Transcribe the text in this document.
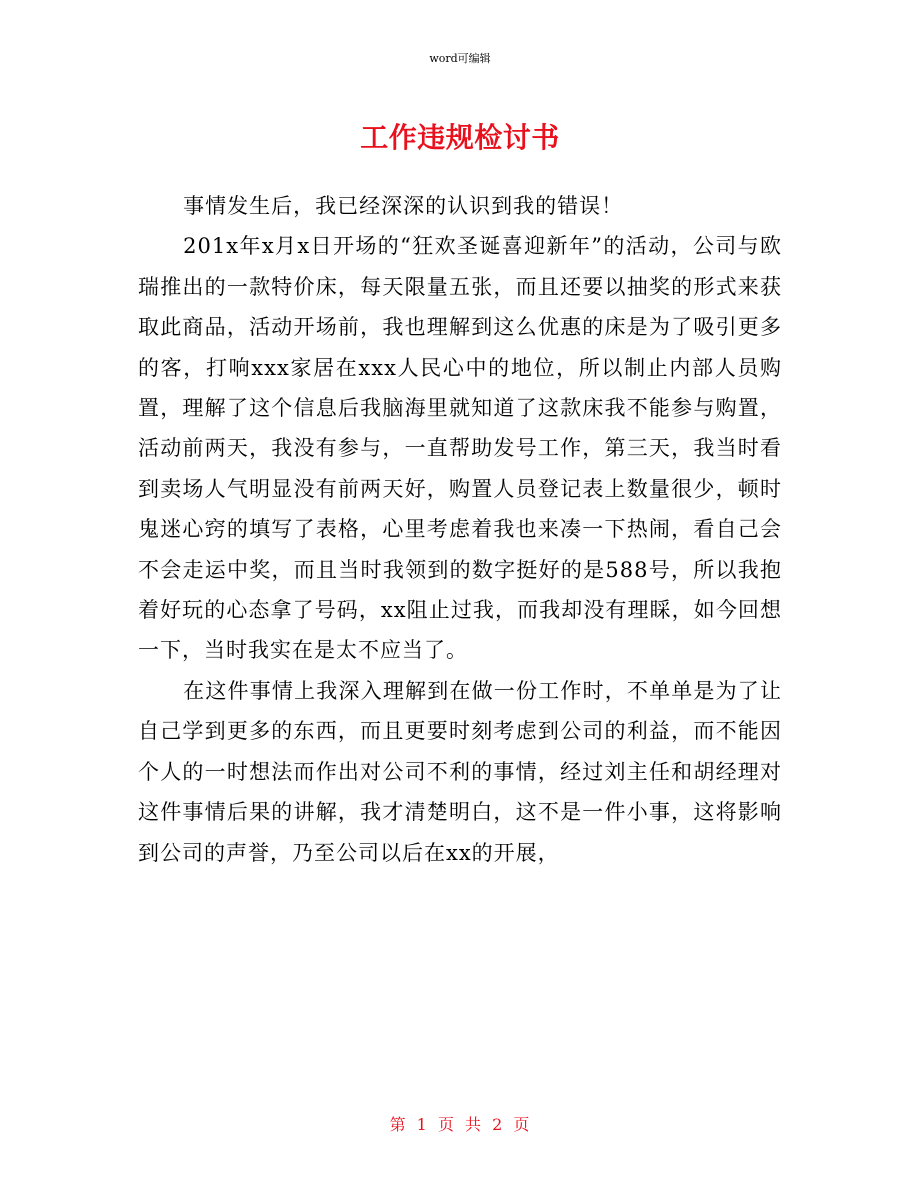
word可编辑
工作违规检讨书

事情发生后，我已经深深的认识到我的错误！

201x年x月x日开场的“狂欢圣诞喜迎新年”的活动，公司与欧瑞推出的一款特价床，每天限量五张，而且还要以抽奖的形式来获取此商品，活动开场前，我也理解到这么优惠的床是为了吸引更多的客，打响xxx家居在xxx人民心中的地位，所以制止内部人员购置，理解了这个信息后我脑海里就知道了这款床我不能参与购置，活动前两天，我没有参与，一直帮助发号工作，第三天，我当时看到卖场人气明显没有前两天好，购置人员登记表上数量很少，顿时鬼迷心窍的填写了表格，心里考虑着我也来凑一下热闹，看自己会不会走运中奖，而且当时我领到的数字挺好的是588号，所以我抱着好玩的心态拿了号码，xx阻止过我，而我却没有理睬，如今回想一下，当时我实在是太不应当了。

在这件事情上我深入理解到在做一份工作时，不单单是为了让自己学到更多的东西，而且更要时刻考虑到公司的利益，而不能因个人的一时想法而作出对公司不利的事情，经过刘主任和胡经理对这件事情后果的讲解，我才清楚明白，这不是一件小事，这将影响到公司的声誉，乃至公司以后在xx的开展，

第 1 页 共 2 页
